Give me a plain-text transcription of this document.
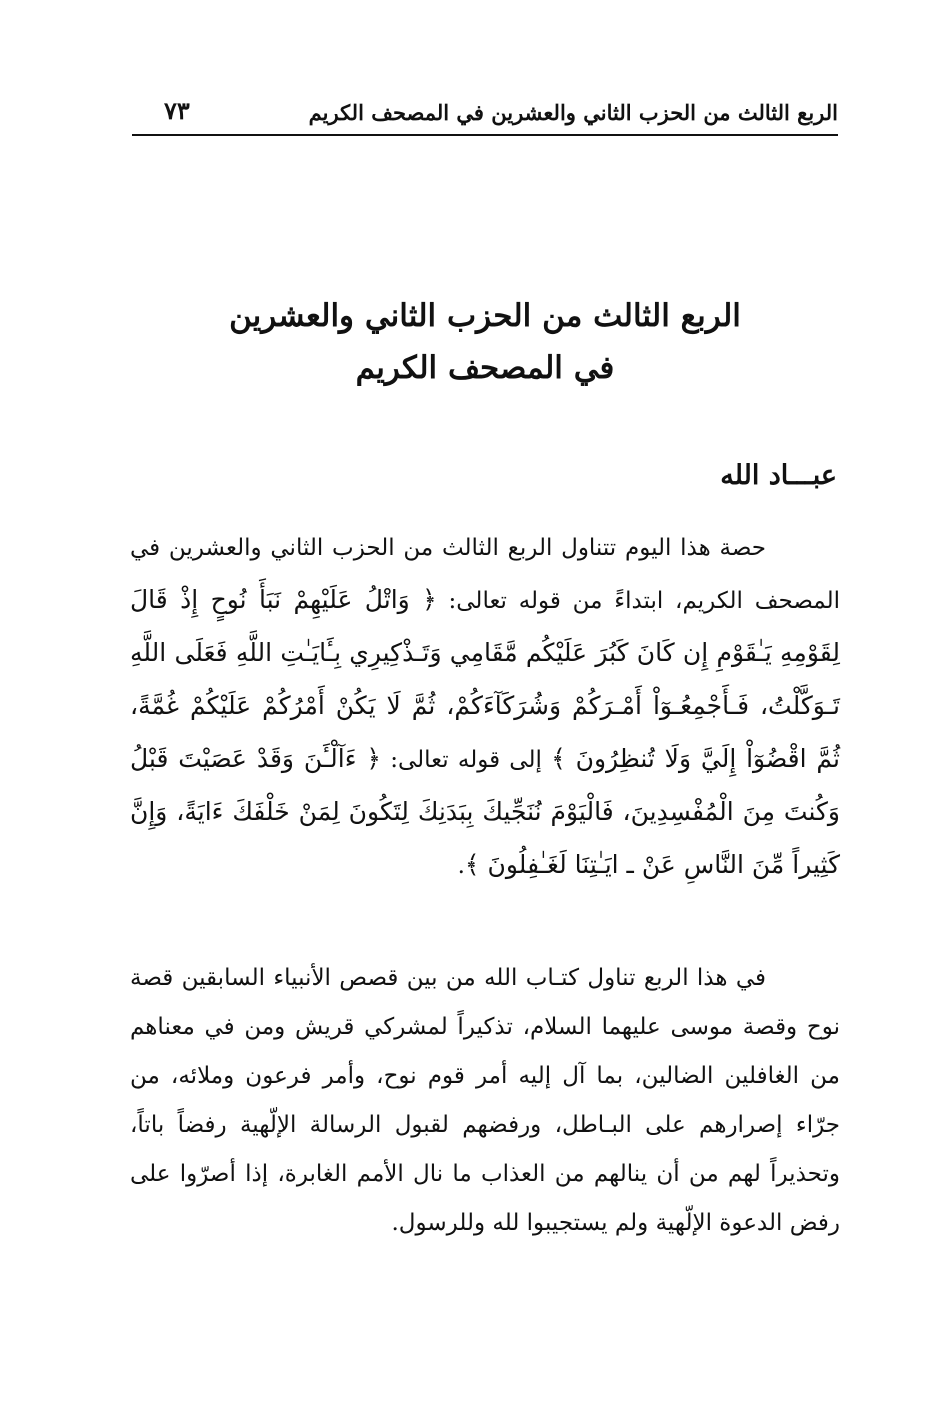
الربع الثالث من الحزب الثاني والعشرين في المصحف الكريم
٧٣
الربع الثالث من الحزب الثاني والعشرين
في المصحف الكريم
عبـــاد الله
حصة هذا اليوم تتناول الربع الثالث من الحزب الثاني والعشرين في المصحف الكريم، ابتداءً من قوله تعالى: ﴿ وَاتْلُ عَلَيْهِمْ نَبَأَ نُوحٍ إِذْ قَالَ لِقَوْمِهِ يَـٰقَوْمِ إِن كَانَ كَبُرَ عَلَيْكُم مَّقَامِي وَتَـذْكِيرِي بِـَٔايَـٰتِ اللَّهِ فَعَلَى اللَّهِ تَـوَكَّلْتُ، فَـأَجْمِعُـوٓاْ أَمْـرَكُمْ وَشُرَكَآءَكُمْ، ثُمَّ لَا يَكُنْ أَمْرُكُمْ عَلَيْكُمْ غُمَّةً، ثُمَّ اقْضُوٓاْ إِلَيَّ وَلَا تُنظِرُونَ ﴾ إلى قوله تعالى: ﴿ ءَآلْـَٔنَ وَقَدْ عَصَيْتَ قَبْلُ وَكُنتَ مِنَ الْمُفْسِدِينَ، فَالْيَوْمَ نُنَجِّيكَ بِبَدَنِكَ لِتَكُونَ لِمَنْ خَلْفَكَ ءَايَةً، وَإِنَّ كَثِيراً مِّنَ النَّاسِ عَنْ ـ ايَـٰتِنَا لَغَـٰفِلُونَ ﴾.
في هذا الربع تناول كتـاب الله من بين قصص الأنبياء السابقين قصة نوح وقصة موسى عليهما السلام، تذكيراً لمشركي قريش ومن في معناهم من الغافلين الضالين، بما آل إليه أمر قوم نوح، وأمر فرعون وملائه، من جرّاء إصرارهم على البـاطل، ورفضهم لقبول الرسالة الإلّهية رفضاً باتاً، وتحذيراً لهم من أن ينالهم من العذاب ما نال الأمم الغابرة، إذا أصرّوا على رفض الدعوة الإلّهية ولم يستجيبوا لله وللرسول.
